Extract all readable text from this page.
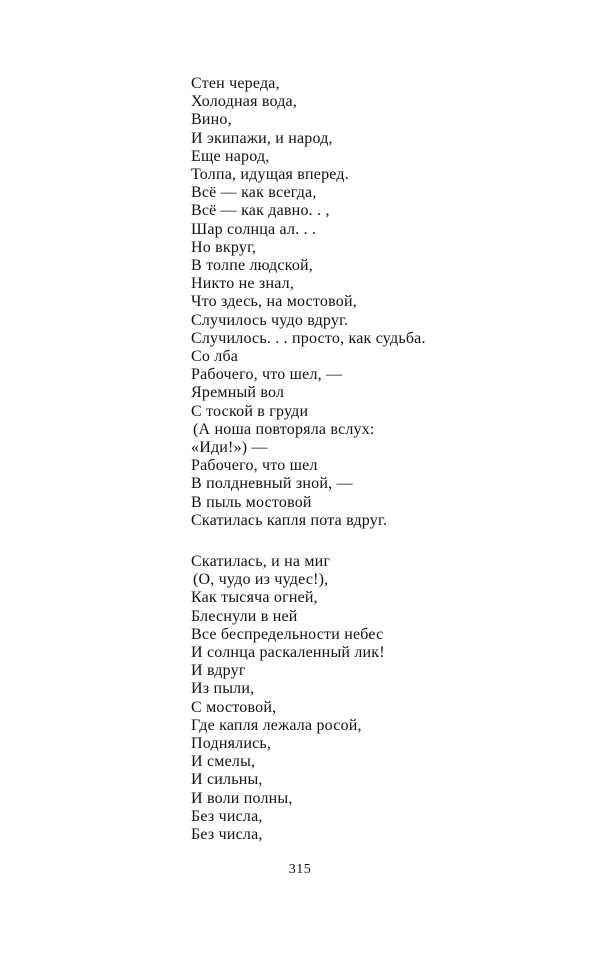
Стен череда,
Холодная вода,
Вино,
И экипажи, и народ,
Еще народ,
Толпа, идущая вперед.
Всё — как всегда,
Всё — как давно. . ,
Шар солнца ал. . .
Но вкруг,
В толпе людской,
Никто не знал,
Что здесь, на мостовой,
Случилось чудо вдруг.
Случилось. . . просто, как судьба.
Со лба
Рабочего, что шел, —
Яремный вол
С тоской в груди
(А ноша повторяла вслух:
«Иди!») —
Рабочего, что шел
В полдневный зной, —
В пыль мостовой
Скатилась капля пота вдруг.
Скатилась, и на миг
(О, чудо из чудес!),
Как тысяча огней,
Блеснули в ней
Все беспредельности небес
И солнца раскаленный лик!
И вдруг
Из пыли,
С мостовой,
Где капля лежала росой,
Поднялись,
И смелы,
И сильны,
И воли полны,
Без числа,
Без числа,
315
